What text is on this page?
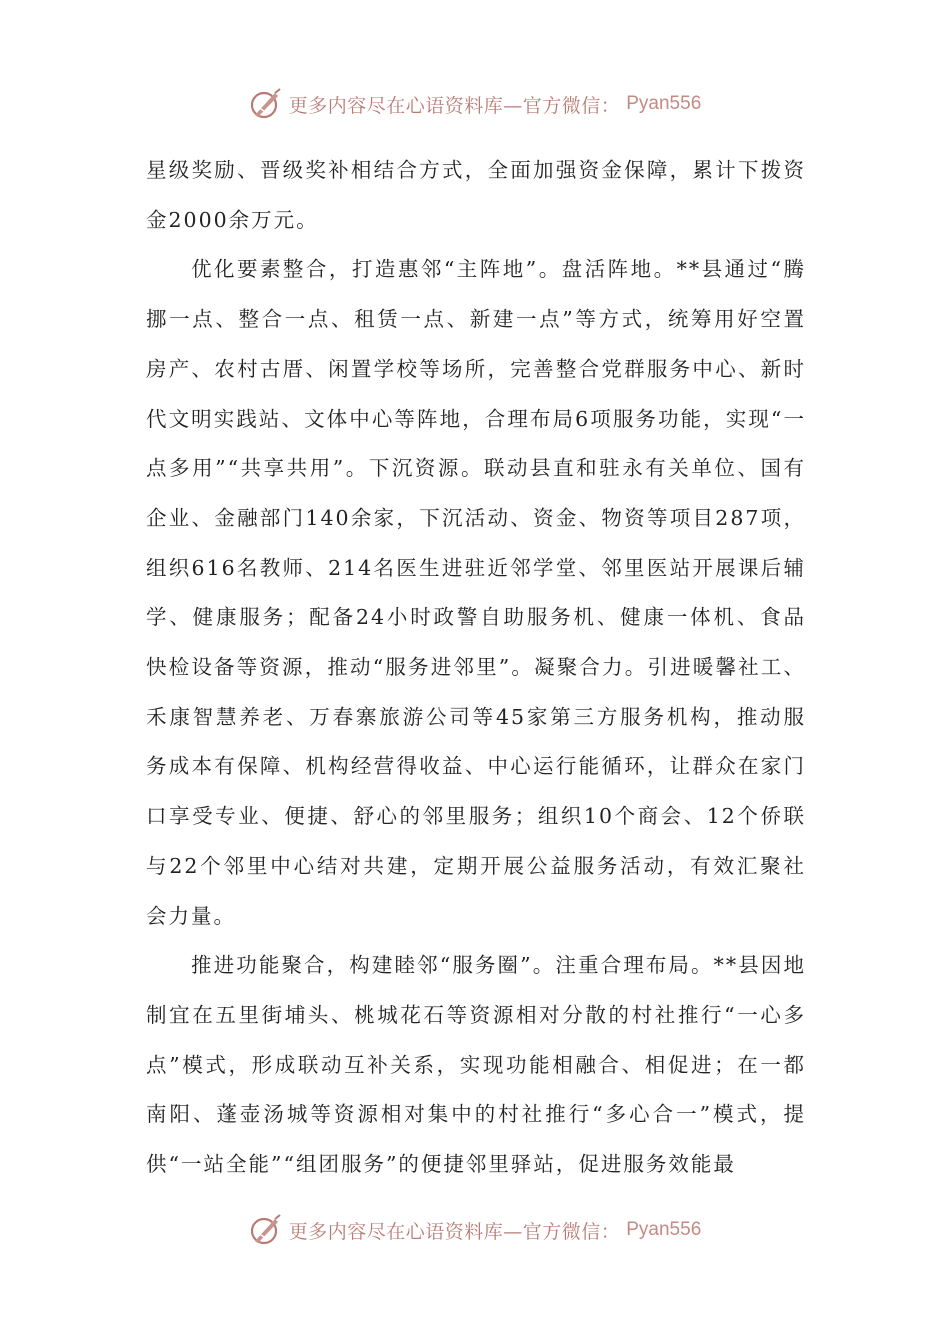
更多内容尽在心语资料库—官方微信： Pyan556

星级奖励、晋级奖补相结合方式，全面加强资金保障，累计下拨资金2000余万元。

优化要素整合，打造惠邻“主阵地”。盘活阵地。**县通过“腾挪一点、整合一点、租赁一点、新建一点”等方式，统筹用好空置房产、农村古厝、闲置学校等场所，完善整合党群服务中心、新时代文明实践站、文体中心等阵地，合理布局6项服务功能，实现“一点多用”“共享共用”。下沉资源。联动县直和驻永有关单位、国有企业、金融部门140余家，下沉活动、资金、物资等项目287项，组织616名教师、214名医生进驻近邻学堂、邻里医站开展课后辅学、健康服务；配备24小时政警自助服务机、健康一体机、食品快检设备等资源，推动“服务进邻里”。凝聚合力。引进暖馨社工、禾康智慧养老、万春寨旅游公司等45家第三方服务机构，推动服务成本有保障、机构经营得收益、中心运行能循环，让群众在家门口享受专业、便捷、舒心的邻里服务；组织10个商会、12个侨联与22个邻里中心结对共建，定期开展公益服务活动，有效汇聚社会力量。

推进功能聚合，构建睦邻“服务圈”。注重合理布局。**县因地制宜在五里街埔头、桃城花石等资源相对分散的村社推行“一心多点”模式，形成联动互补关系，实现功能相融合、相促进；在一都南阳、蓬壶汤城等资源相对集中的村社推行“多心合一”模式，提供“一站全能”“组团服务”的便捷邻里驿站，促进服务效能最

更多内容尽在心语资料库—官方微信： Pyan556
